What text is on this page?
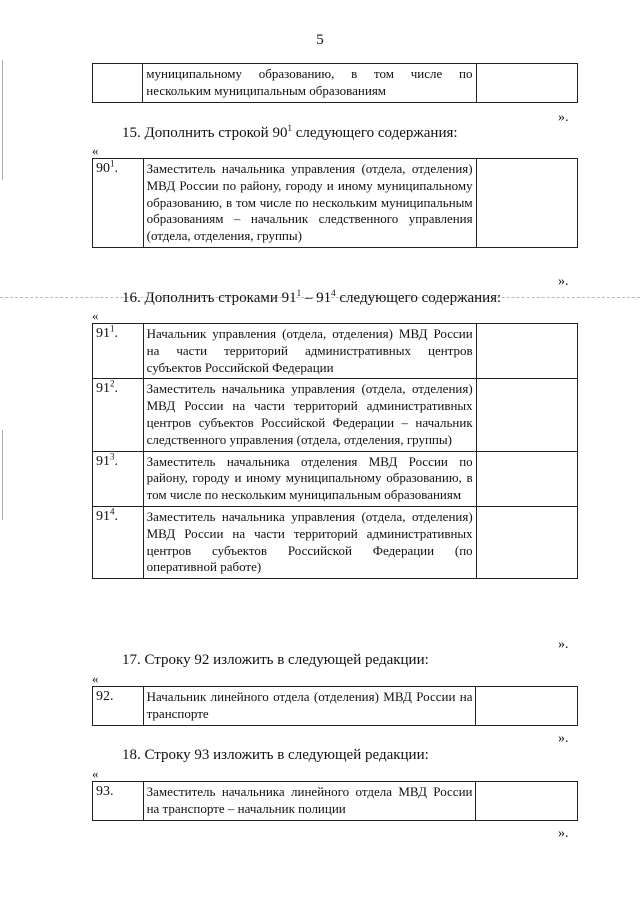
5
	муниципальному образованию, в том числе по нескольким муниципальным образованиям	
».
15. Дополнить строкой $90^1$ следующего содержания:
«
$90^1$.	Заместитель начальника управления (отдела, отделения) МВД России по району, городу и иному муниципальному образованию, в том числе по нескольким муниципальным образованиям – начальник следственного управления (отдела, отделения, группы)	
».
16. Дополнить строками $91^1 - 91^4$ следующего содержания:
«
$91^1$.	Начальник управления (отдела, отделения) МВД России на части территорий административных центров субъектов Российской Федерации	
$91^2$.	Заместитель начальника управления (отдела, отделения) МВД России на части территорий административных центров субъектов Российской Федерации – начальник следственного управления (отдела, отделения, группы)	
$91^3$.	Заместитель начальника отделения МВД России по району, городу и иному муниципальному образованию, в том числе по нескольким муниципальным образованиям	
$91^4$.	Заместитель начальника управления (отдела, отделения) МВД России на части территорий административных центров субъектов Российской Федерации (по оперативной работе)	
».
17. Строку 92 изложить в следующей редакции:
«
92.	Начальник линейного отдела (отделения) МВД России на транспорте	
».
18. Строку 93 изложить в следующей редакции:
«
93.	Заместитель начальника линейного отдела МВД России на транспорте – начальник полиции	
».
